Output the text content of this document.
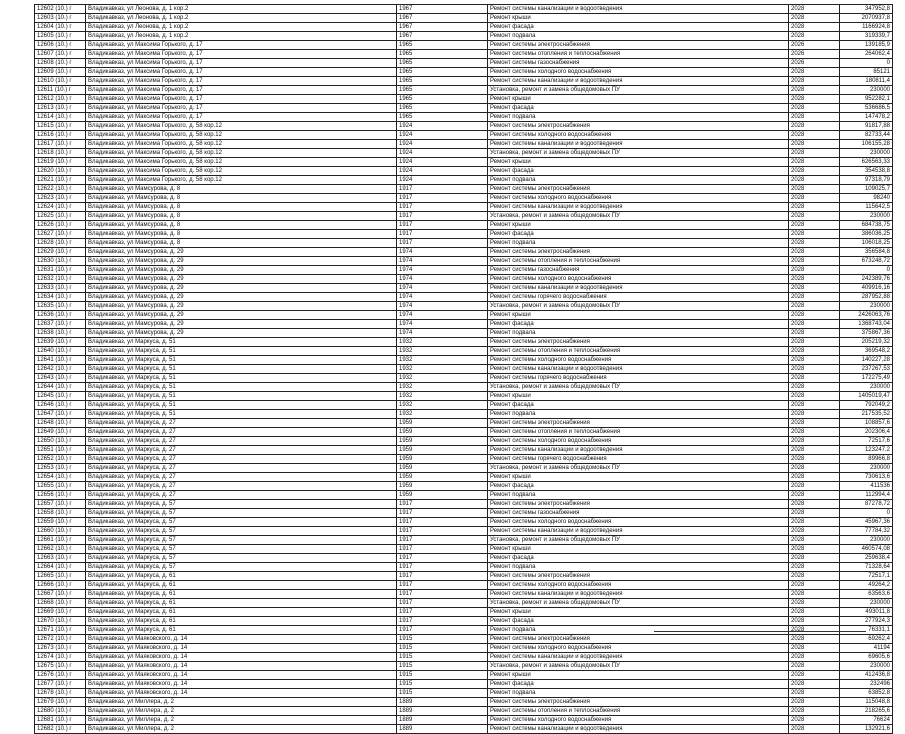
12602 (10.) г	Владикавказ, ул Леонова, д. 1 кор.2	1967	Ремонт системы канализации и водоотведения	2028	347952,8
12603 (10.) г	Владикавказ, ул Леонова, д. 1 кор.2	1967	Ремонт крыши	2028	2070937,8
12604 (10.) г	Владикавказ, ул Леонова, д. 1 кор.2	1967	Ремонт фасада	2028	1166924,8
12605 (10.) г	Владикавказ, ул Леонова, д. 1 кор.2	1967	Ремонт подвала	2028	319339,7
12606 (10.) г	Владикавказ, ул Максима Горького, д. 17	1965	Ремонт системы электроснабжения	2026	139185,9
12607 (10.) г	Владикавказ, ул Максима Горького, д. 17	1965	Ремонт системы отопления и теплоснабжения	2026	264062,4
12608 (10.) г	Владикавказ, ул Максима Горького, д. 17	1965	Ремонт системы газоснабжения	2026	0
12609 (10.) г	Владикавказ, ул Максима Горького, д. 17	1965	Ремонт системы холодного водоснабжения	2028	85121
12610 (10.) г	Владикавказ, ул Максима Горького, д. 17	1965	Ремонт системы канализации и водоотведения	2028	180811,4
12611 (10.) г	Владикавказ, ул Максима Горького, д. 17	1965	Установка, ремонт и замена общедомовых ПУ	2028	230000
12612 (10.) г	Владикавказ, ул Максима Горького, д. 17	1965	Ремонт крыши	2028	952282,1
12613 (10.) г	Владикавказ, ул Максима Горького, д. 17	1965	Ремонт фасада	2028	536686,5
12614 (10.) г	Владикавказ, ул Максима Горького, д. 17	1965	Ремонт подвала	2028	147478,2
12615 (10.) г	Владикавказ, ул Максима Горького, д. 58 кор.12	1924	Ремонт системы электроснабжения	2028	91817,88
12616 (10.) г	Владикавказ, ул Максима Горького, д. 58 кор.12	1924	Ремонт системы холодного водоснабжения	2028	82733,44
12617 (10.) г	Владикавказ, ул Максима Горького, д. 58 кор.12	1924	Ремонт системы канализации и водоотведения	2028	106155,28
12618 (10.) г	Владикавказ, ул Максима Горького, д. 58 кор.12	1924	Установка, ремонт и замена общедомовых ПУ	2028	230000
12619 (10.) г	Владикавказ, ул Максима Горького, д. 58 кор.12	1924	Ремонт крыши	2028	626563,33
12620 (10.) г	Владикавказ, ул Максима Горького, д. 58 кор.12	1924	Ремонт фасада	2028	354538,8
12621 (10.) г	Владикавказ, ул Максима Горького, д. 58 кор.12	1924	Ремонт подвала	2028	97318,79
12622 (10.) г	Владикавказ, ул Мамсурова, д. 8	1917	Ремонт системы электроснабжения	2028	109025,7
12623 (10.) г	Владикавказ, ул Мамсурова, д. 8	1917	Ремонт системы холодного водоснабжения	2028	98240
12624 (10.) г	Владикавказ, ул Мамсурова, д. 8	1917	Ремонт системы канализации и водоотведения	2028	115642,5
12625 (10.) г	Владикавказ, ул Мамсурова, д. 8	1917	Установка, ремонт и замена общедомовых ПУ	2028	230000
12626 (10.) г	Владикавказ, ул Мамсурова, д. 8	1917	Ремонт крыши	2028	684738,75
12627 (10.) г	Владикавказ, ул Мамсурова, д. 8	1917	Ремонт фасада	2028	386036,25
12628 (10.) г	Владикавказ, ул Мамсурова, д. 8	1917	Ремонт подвала	2028	106018,25
12629 (10.) г	Владикавказ, ул Мамсурова, д. 29	1974	Ремонт системы электроснабжения	2028	356584,8
12630 (10.) г	Владикавказ, ул Мамсурова, д. 29	1974	Ремонт системы отопления и теплоснабжения	2028	673248,72
12631 (10.) г	Владикавказ, ул Мамсурова, д. 29	1974	Ремонт системы газоснабжения	2028	0
12632 (10.) г	Владикавказ, ул Мамсурова, д. 29	1974	Ремонт системы холодного водоснабжения	2028	242389,76
12633 (10.) г	Владикавказ, ул Мамсурова, д. 29	1974	Ремонт системы канализации и водоотведения	2028	409916,16
12634 (10.) г	Владикавказ, ул Мамсурова, д. 29	1974	Ремонт системы горячего водоснабжения	2028	287952,88
12635 (10.) г	Владикавказ, ул Мамсурова, д. 29	1974	Установка, ремонт и замена общедомовых ПУ	2028	230000
12636 (10.) г	Владикавказ, ул Мамсурова, д. 29	1974	Ремонт крыши	2028	2426063,76
12637 (10.) г	Владикавказ, ул Мамсурова, д. 29	1974	Ремонт фасада	2028	1368743,04
12638 (10.) г	Владикавказ, ул Мамсурова, д. 29	1974	Ремонт подвала	2028	375867,36
12639 (10.) г	Владикавказ, ул Маркуса, д. 51	1932	Ремонт системы электроснабжения	2028	205219,32
12640 (10.) г	Владикавказ, ул Маркуса, д. 51	1932	Ремонт системы отопления и теплоснабжения	2028	369548,2
12641 (10.) г	Владикавказ, ул Маркуса, д. 51	1932	Ремонт системы холодного водоснабжения	2028	140227,28
12642 (10.) г	Владикавказ, ул Маркуса, д. 51	1932	Ремонт системы канализации и водоотведения	2028	237267,53
12643 (10.) г	Владикавказ, ул Маркуса, д. 51	1932	Ремонт системы горячего водоснабжения	2028	172275,49
12644 (10.) г	Владикавказ, ул Маркуса, д. 51	1932	Установка, ремонт и замена общедомовых ПУ	2028	230000
12645 (10.) г	Владикавказ, ул Маркуса, д. 51	1932	Ремонт крыши	2028	1405019,47
12646 (10.) г	Владикавказ, ул Маркуса, д. 51	1932	Ремонт фасада	2028	792049,2
12647 (10.) г	Владикавказ, ул Маркуса, д. 51	1932	Ремонт подвала	2028	217535,52
12648 (10.) г	Владикавказ, ул Маркуса, д. 27	1959	Ремонт системы электроснабжения	2028	108857,6
12649 (10.) г	Владикавказ, ул Маркуса, д. 27	1959	Ремонт системы отопления и теплоснабжения	2028	202306,4
12650 (10.) г	Владикавказ, ул Маркуса, д. 27	1959	Ремонт системы холодного водоснабжения	2028	72517,6
12651 (10.) г	Владикавказ, ул Маркуса, д. 27	1959	Ремонт системы канализации и водоотведения	2028	123247,2
12652 (10.) г	Владикавказ, ул Маркуса, д. 27	1959	Ремонт системы горячего водоснабжения	2028	89966,8
12653 (10.) г	Владикавказ, ул Маркуса, д. 27	1959	Установка, ремонт и замена общедомовых ПУ	2028	230000
12654 (10.) г	Владикавказ, ул Маркуса, д. 27	1959	Ремонт крыши	2028	730613,6
12655 (10.) г	Владикавказ, ул Маркуса, д. 27	1959	Ремонт фасада	2028	411536
12656 (10.) г	Владикавказ, ул Маркуса, д. 27	1959	Ремонт подвала	2028	112994,4
12657 (10.) г	Владикавказ, ул Маркуса, д. 57	1917	Ремонт системы электроснабжения	2028	87278,72
12658 (10.) г	Владикавказ, ул Маркуса, д. 57	1917	Ремонт системы газоснабжения	2028	0
12659 (10.) г	Владикавказ, ул Маркуса, д. 57	1917	Ремонт системы холодного водоснабжения	2028	45967,36
12660 (10.) г	Владикавказ, ул Маркуса, д. 57	1917	Ремонт системы канализации и водоотведения	2028	77784,32
12661 (10.) г	Владикавказ, ул Маркуса, д. 57	1917	Установка, ремонт и замена общедомовых ПУ	2028	230000
12662 (10.) г	Владикавказ, ул Маркуса, д. 57	1917	Ремонт крыши	2028	460574,08
12663 (10.) г	Владикавказ, ул Маркуса, д. 57	1917	Ремонт фасада	2028	259638,4
12664 (10.) г	Владикавказ, ул Маркуса, д. 57	1917	Ремонт подвала	2028	71328,64
12665 (10.) г	Владикавказ, ул Маркуса, д. 61	1917	Ремонт системы электроснабжения	2028	72517,1
12666 (10.) г	Владикавказ, ул Маркуса, д. 61	1917	Ремонт системы холодного водоснабжения	2028	49264,2
12667 (10.) г	Владикавказ, ул Маркуса, д. 61	1917	Ремонт системы канализации и водоотведения	2028	63563,6
12668 (10.) г	Владикавказ, ул Маркуса, д. 61	1917	Установка, ремонт и замена общедомовых ПУ	2028	230000
12669 (10.) г	Владикавказ, ул Маркуса, д. 61	1917	Ремонт крыши	2028	493011,8
12670 (10.) г	Владикавказ, ул Маркуса, д. 61	1917	Ремонт фасада	2028	277924,3
12671 (10.) г	Владикавказ, ул Маркуса, д. 61	1917	Ремонт подвала	2028	76331,1
12672 (10.) г	Владикавказ, ул Маяковского, д. 14	1915	Ремонт системы электроснабжения	2028	69262,4
12673 (10.) г	Владикавказ, ул Маяковского, д. 14	1915	Ремонт системы холодного водоснабжения	2028	41194
12674 (10.) г	Владикавказ, ул Маяковского, д. 14	1915	Ремонт системы канализации и водоотведения	2028	69605,6
12675 (10.) г	Владикавказ, ул Маяковского, д. 14	1915	Установка, ремонт и замена общедомовых ПУ	2028	230000
12676 (10.) г	Владикавказ, ул Маяковского, д. 14	1915	Ремонт крыши	2028	412436,8
12677 (10.) г	Владикавказ, ул Маяковского, д. 14	1915	Ремонт фасада	2028	232496
12678 (10.) г	Владикавказ, ул Маяковского, д. 14	1915	Ремонт подвала	2028	63852,8
12679 (10.) г	Владикавказ, ул Миллера, д. 2	1889	Ремонт системы электроснабжения	2028	115048,8
12680 (10.) г	Владикавказ, ул Миллера, д. 2	1889	Ремонт системы отопления и теплоснабжения	2028	218265,6
12681 (10.) г	Владикавказ, ул Миллера, д. 2	1889	Ремонт системы холодного водоснабжения	2028	76624
12682 (10.) г	Владикавказ, ул Миллера, д. 2	1889	Ремонт системы канализации и водоотведения	2028	132921,6
